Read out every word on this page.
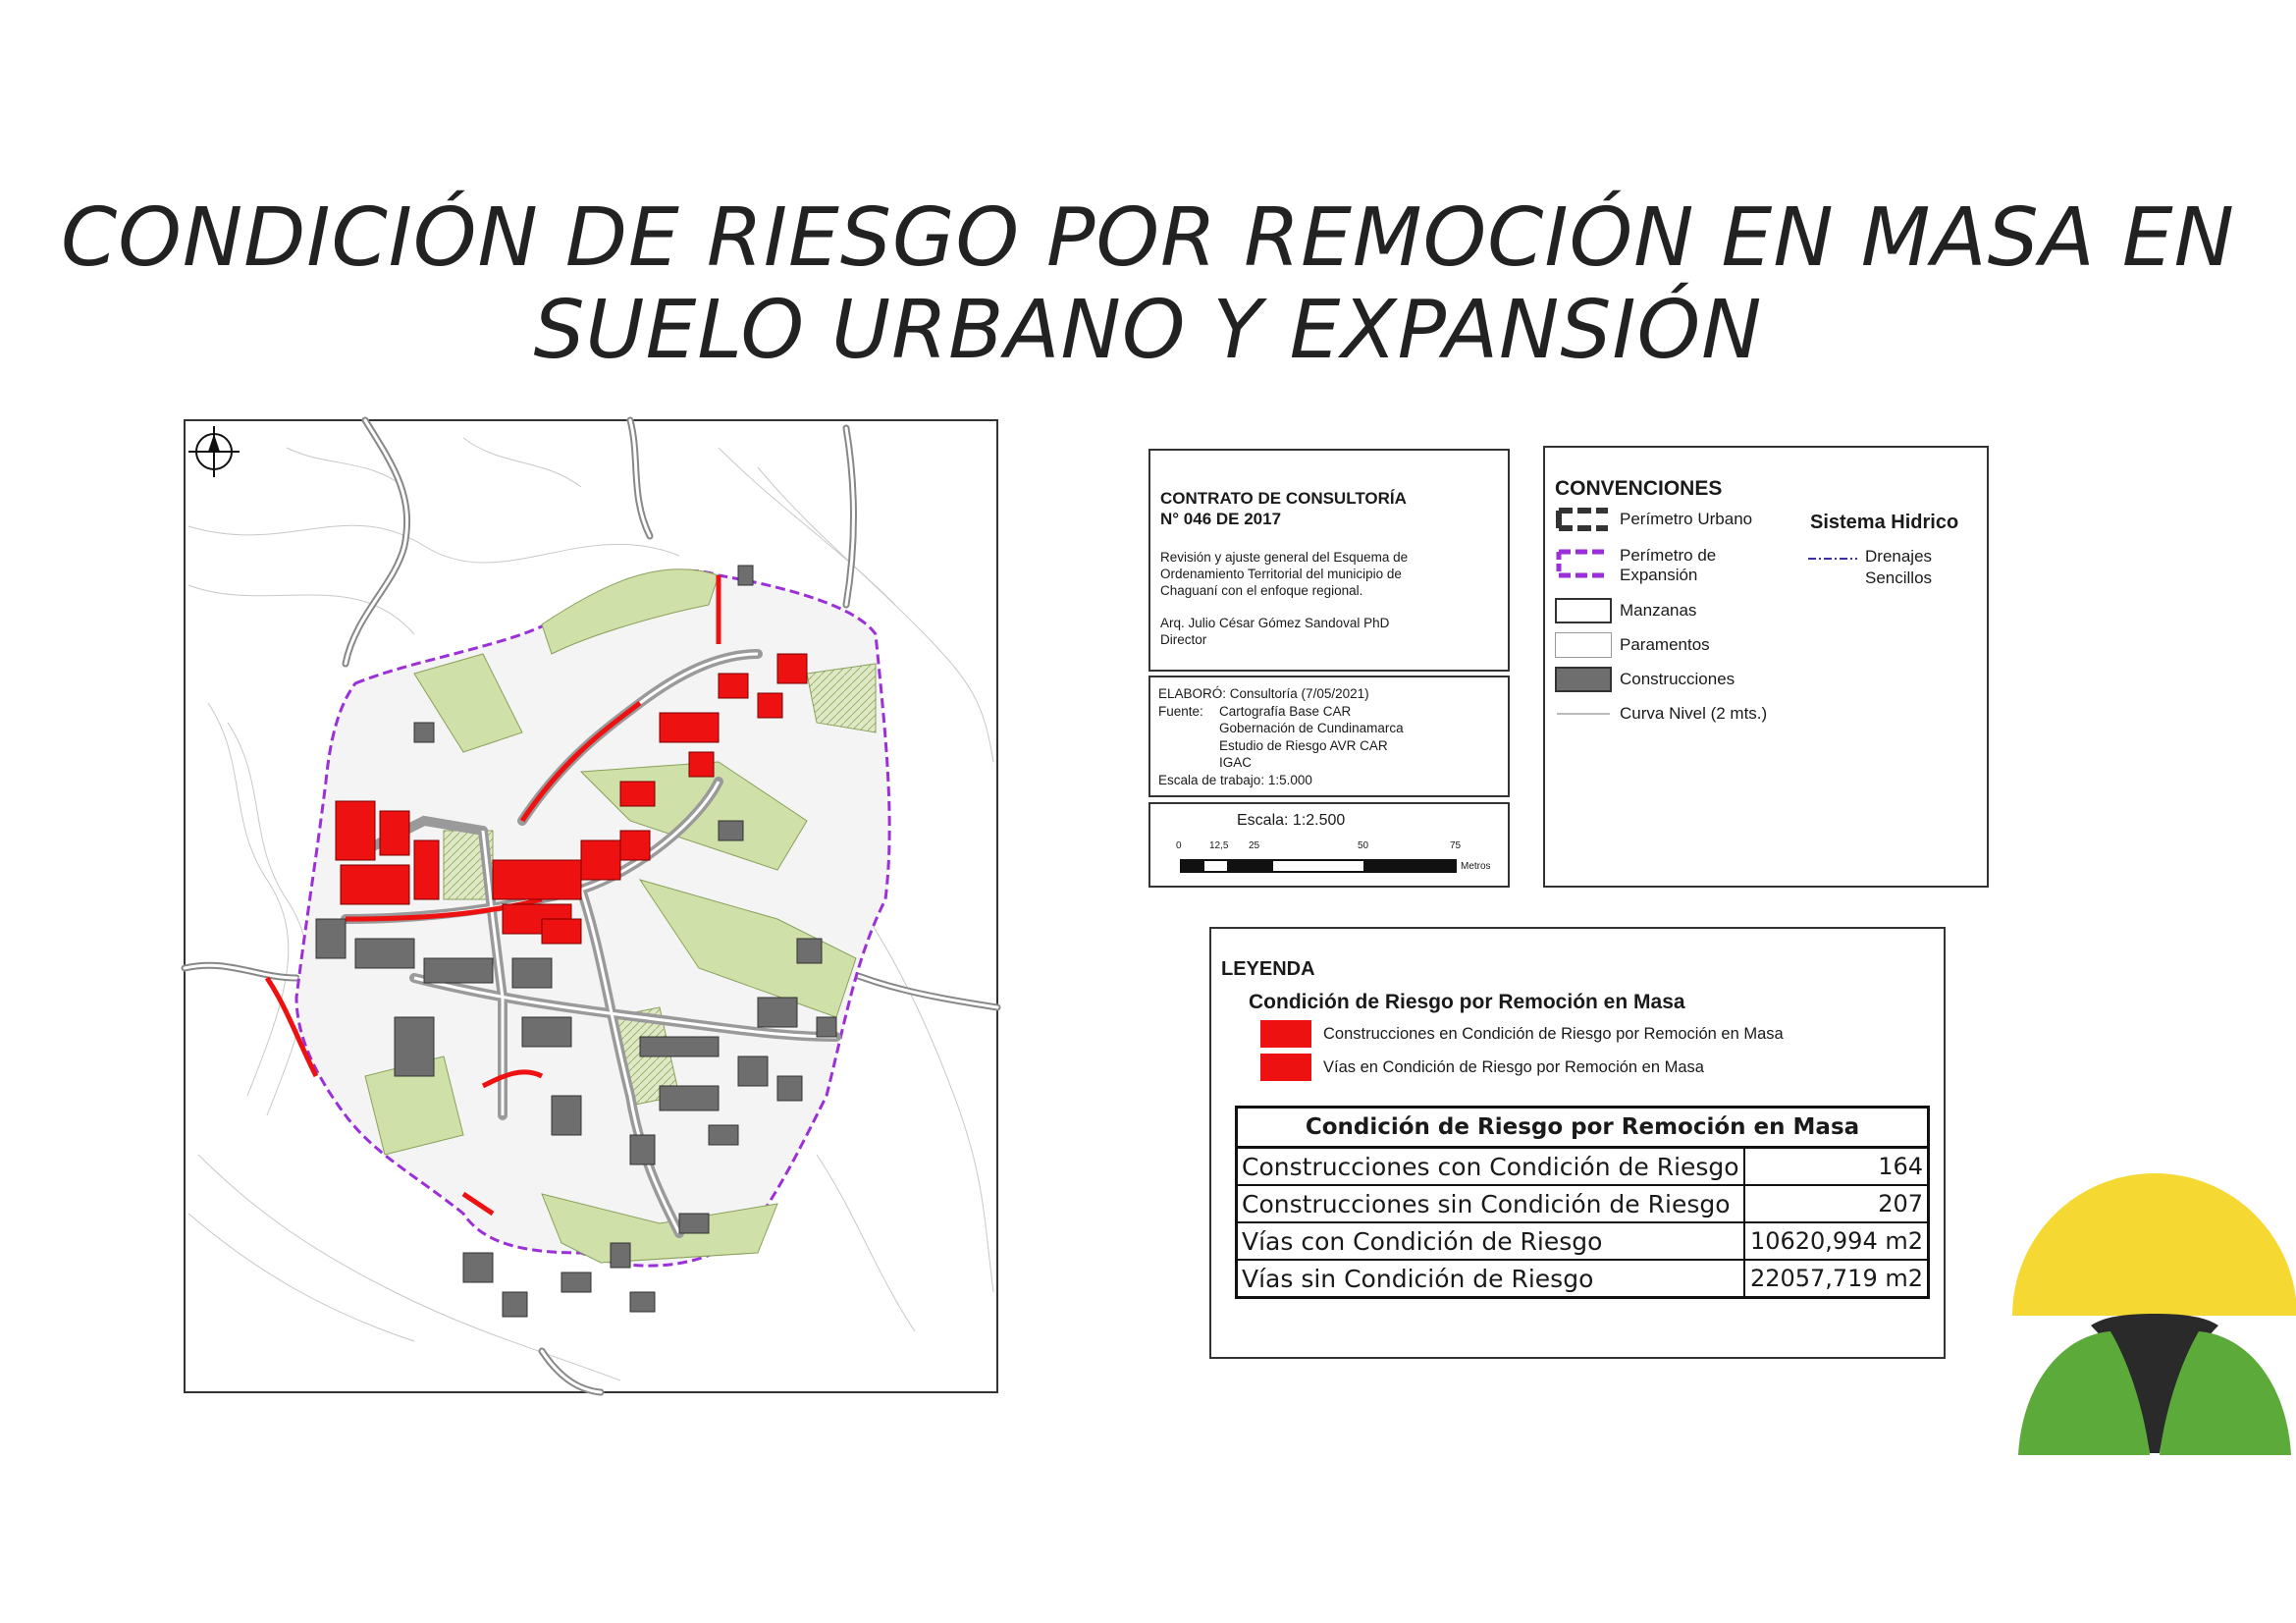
CONDICIÓN DE RIESGO POR REMOCIÓN EN MASA EN
SUELO URBANO Y EXPANSIÓN
CONTRATO DE CONSULTORÍA
N° 046 DE 2017
Revisión y ajuste general del Esquema de
Ordenamiento Territorial del municipio de
Chaguaní con el enfoque regional.
Arq. Julio César Gómez Sandoval PhD
Director
ELABORÓ: Consultoría (7/05/2021)
Fuente:	Cartografía Base CAR
Gobernación de Cundinamarca
Estudio de Riesgo AVR CAR
IGAC
Escala de trabajo: 1:5.000
Escala: 1:2.500
0	12,5 25	50	75
Metros
CONVENCIONES
Perímetro Urbano
Perímetro de
Expansión
Manzanas
Paramentos
Construcciones
Curva Nivel (2 mts.)
Sistema Hidrico
Drenajes
Sencillos
LEYENDA
Condición de Riesgo por Remoción en Masa
Construcciones en Condición de Riesgo por Remoción en Masa
Vías en Condición de Riesgo por Remoción en Masa
Condición de Riesgo por Remoción en Masa	
Construcciones con Condición de Riesgo	164
Construcciones sin Condición de Riesgo	207
Vías con Condición de Riesgo	10620,994 m2
Vías sin Condición de Riesgo	22057,719 m2
